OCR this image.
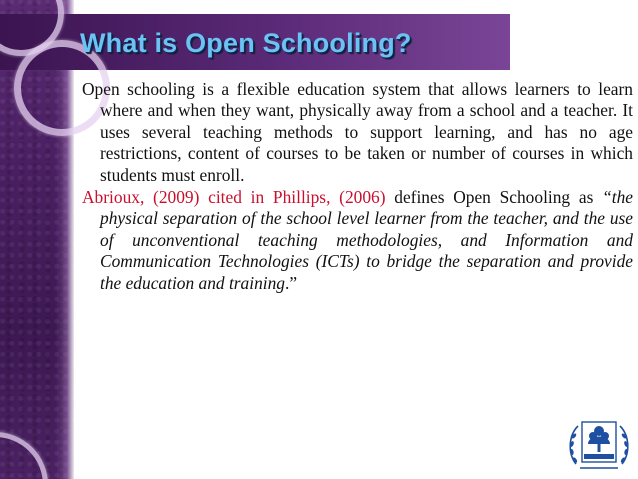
What is Open Schooling?

Open schooling is a flexible education system that allows learners to learn where and when they want, physically away from a school and a teacher. It uses several teaching methods to support learning, and has no age restrictions, content of courses to be taken or number of courses in which students must enroll.

Abrioux, (2009) cited in Phillips, (2006) defines Open Schooling as “the physical separation of the school level learner from the teacher, and the use of unconventional teaching methodologies, and Information and Communication Technologies (ICTs) to bridge the separation and provide the education and training.”
